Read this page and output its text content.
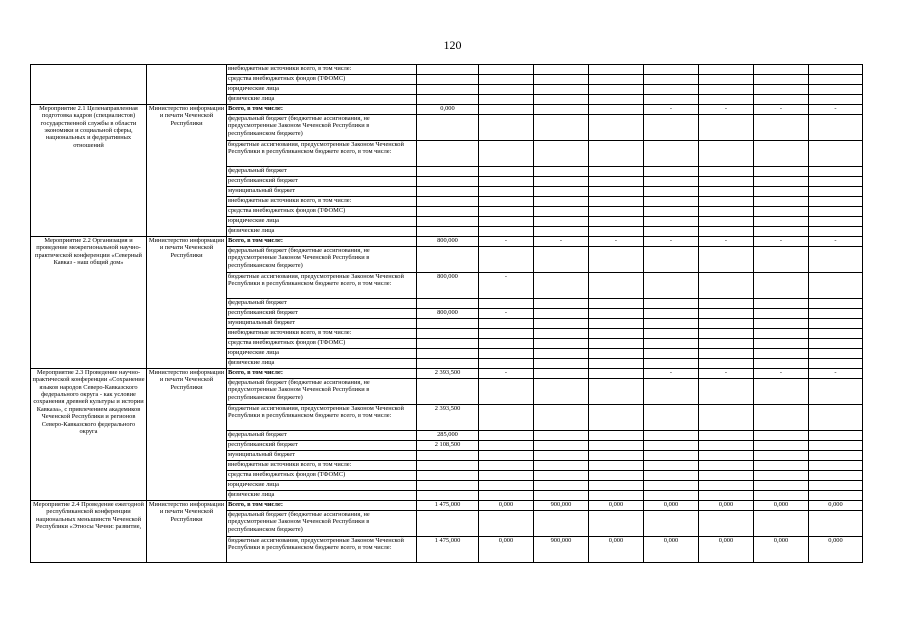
120
		внебюджетные источники всего, в том числе:								
		средства внебюджетных фондов (ТФОМС)								
		юридические лица								
		физические лица								
Мероприятие 2.1 Целенаправленная подготовка кадров (специалистов) государственной службы в области экономики и социальной сферы, национальных и федеративных отношений	Министерство информации и печати Чеченской Республики	Всего, в том числе:	0,000				-	-	-	-
		федеральный бюджет (бюджетные ассигнования, не предусмотренные Законом Чеченской Республики в республиканском бюджете)								
		бюджетные ассигнования, предусмотренные Законом Чеченской Республики в республиканском бюджете всего, в том числе:								
		федеральный бюджет								
		республиканский бюджет								
		муниципальный бюджет								
		внебюджетные источники всего, в том числе:								
		средства внебюджетных фондов (ТФОМС)								
		юридические лица								
		физические лица								
Мероприятие 2.2 Организация и проведение межрегиональной научно-практической конференции «Северный Кавказ - наш общий дом»	Министерство информации и печати Чеченской Республики	Всего, в том числе:	800,000	-	-	-	-	-	-	-
		федеральный бюджет (бюджетные ассигнования, не предусмотренные Законом Чеченской Республики в республиканском бюджете)								
		бюджетные ассигнования, предусмотренные Законом Чеченской Республики в республиканском бюджете всего, в том числе:	800,000	-						
		федеральный бюджет								
		республиканский бюджет	800,000	-						
		муниципальный бюджет								
		внебюджетные источники всего, в том числе:								
		средства внебюджетных фондов (ТФОМС)								
		юридические лица								
		физические лица								
Мероприятие 2.3 Проведение научно-практической конференции «Сохранение языков народов Северо-Кавказского федерального округа - как условие сохранения древней культуры и истории Кавказа», с привлечением академиков Чеченской Республики и регионов Северо-Кавказского федерального округа	Министерство информации и печати Чеченской Республики	Всего, в том числе:	2 393,500	-			-	-	-	-
		федеральный бюджет (бюджетные ассигнования, не предусмотренные Законом Чеченской Республики в республиканском бюджете)								
		бюджетные ассигнования, предусмотренные Законом Чеченской Республики в республиканском бюджете всего, в том числе:	2 393,500							
		федеральный бюджет	285,000							
		республиканский бюджет	2 108,500							
		муниципальный бюджет								
		внебюджетные источники всего, в том числе:								
		средства внебюджетных фондов (ТФОМС)								
		юридические лица								
		физические лица								
Мероприятие 2.4 Проведение ежегодной республиканской конференции национальных меньшинств Чеченской Республики «Этносы Чечни: развитие,	Министерство информации и печати Чеченской Республики	Всего, в том числе:	1 475,000	0,000	900,000	0,000	0,000	0,000	0,000	0,000
		федеральный бюджет (бюджетные ассигнования, не предусмотренные Законом Чеченской Республики в республиканском бюджете)								
		бюджетные ассигнования, предусмотренные Законом Чеченской Республики в республиканском бюджете всего, в том числе:	1 475,000	0,000	900,000	0,000	0,000	0,000	0,000	0,000
